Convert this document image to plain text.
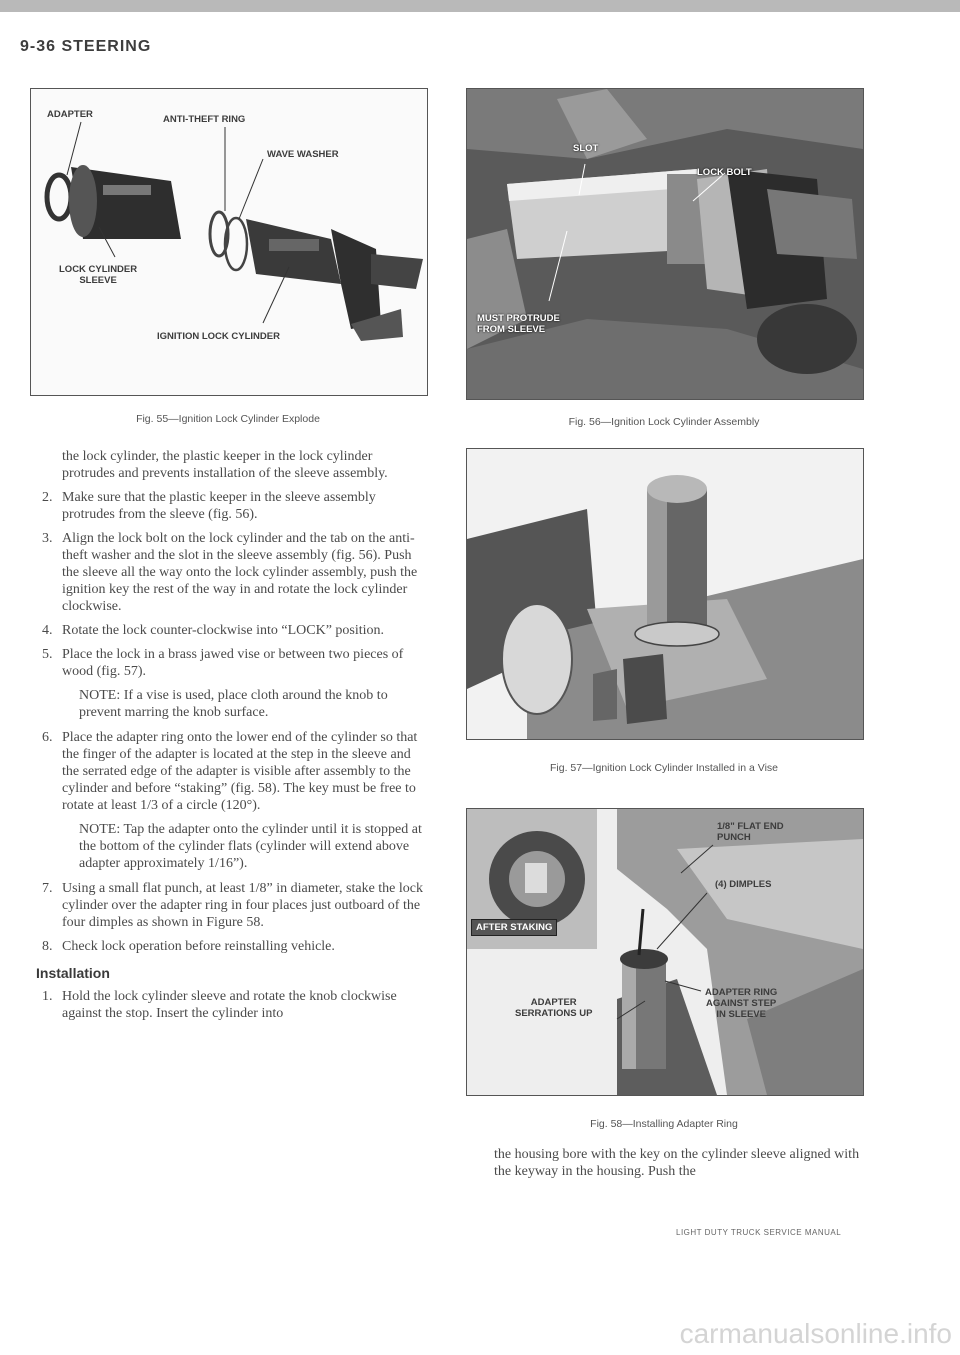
9-36 STEERING
ADAPTER	ANTI-THEFT RING
WAVE WASHER
LOCK CYLINDER
SLEEVE
IGNITION LOCK CYLINDER
Fig. 55—Ignition Lock Cylinder Explode
SLOT
LOCK BOLT
MUST PROTRUDE
FROM SLEEVE
Fig. 56—Ignition Lock Cylinder Assembly
Fig. 57—Ignition Lock Cylinder Installed in a Vise
1/8" FLAT END
PUNCH
(4) DIMPLES
AFTER STAKING
ADAPTER
SERRATIONS UP
ADAPTER RING
AGAINST STEP
IN SLEEVE
Fig. 58—Installing Adapter Ring

the lock cylinder, the plastic keeper in the lock cylinder protrudes and prevents installation of the sleeve assembly.

2. Make sure that the plastic keeper in the sleeve assembly protrudes from the sleeve (fig. 56).
3. Align the lock bolt on the lock cylinder and the tab on the anti-theft washer and the slot in the sleeve assembly (fig. 56). Push the sleeve all the way onto the lock cylinder assembly, push the ignition key the rest of the way in and rotate the lock cylinder clockwise.
4. Rotate the lock counter-clockwise into “LOCK” position.
5. Place the lock in a brass jawed vise or between two pieces of wood (fig. 57).

NOTE: If a vise is used, place cloth around the knob to prevent marring the knob surface.

6. Place the adapter ring onto the lower end of the cylinder so that the finger of the adapter is located at the step in the sleeve and the serrated edge of the adapter is visible after assembly to the cylinder and before “staking” (fig. 58). The key must be free to rotate at least 1/3 of a circle (120°).

NOTE: Tap the adapter onto the cylinder until it is stopped at the bottom of the cylinder flats (cylinder will extend above adapter approximately 1/16”).

7. Using a small flat punch, at least 1/8” in diameter, stake the lock cylinder over the adapter ring in four places just outboard of the four dimples as shown in Figure 58.
8. Check lock operation before reinstalling vehicle.
Installation
1. Hold the lock cylinder sleeve and rotate the knob clockwise against the stop. Insert the cylinder into
the housing bore with the key on the cylinder sleeve aligned with the keyway in the housing. Push the
LIGHT DUTY TRUCK SERVICE MANUAL
carmanualsonline.info
